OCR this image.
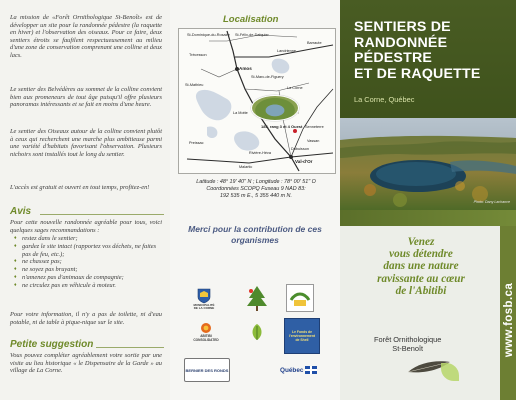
La mission de «Forêt Ornithologique St-Benoît» est de développer un site pour la randonnée pédestre (la raquette en hiver) et l'observation des oiseaux. Pour ce faire, deux sentiers étroits se faufilent respectueusement au milieu d'une zone de conservation comprenant une colline et deux lacs.

Le sentier des Belvédères au sommet de la colline convient bien aux promeneurs de tout âge puisqu'il offre plusieurs panoramas intéressants et se fait en moins d'une heure.

Le sentier des Oiseaux autour de la colline convient plutôt à ceux qui recherchent une marche plus ambitieuse parmi une variété d'habitats favorisant l'observation. Plusieurs nichoirs sont installés tout le long du sentier.

L'accès est gratuit et ouvert en tout temps, profitez-en!

Avis

Pour cette nouvelle randonnée agréable pour tous, voici quelques sages recommandations :

♦ restez dans le sentier;
♦ gardez le site intact (rapportez vos déchets, ne faites pas de feu, etc.);
♦ ne chassez pas;
♦ ne soyez pas bruyant;
♦ n'amenez pas d'animaux de compagnie;
♦ ne circulez pas en véhicule à moteur.

Pour votre information, il n'y a pas de toilette, ni d'eau potable, ni de table à pique-nique sur le site.

Petite suggestion

Vous pouvez compléter agréablement votre sortie par une visite au lieu historique « le Dispensaire de la Garde » au village de La Corne.

Localisation
Amos
La Corne
Val-d'Or
St-Mathieu
La Motte
Preissac
Malartic
Rivière-Héva
St-Dominique-du-Rosaire St-Félix-de-Dalquier
Trécesson
Barraute
Landrienne
St-Marc-de-Figuery
Senneterre
Vassan
Dubuisson
185, rang 3 et 4 Ouest

Latitude : 48° 19' 40" N ; Longitude : 78° 00' 51" O
Coordonnées SCOPQ Fuseau 9 NAD 83:
192 535 m E., 5 355 440 m N.

Merci pour la contribution de ces organismes
MUNICIPALITÉ DE LA CORNE
ABITIBI CONSOLIDATED
Le Fonds de l'environnement de Shell
BERNIER DES RONDS	Québec
SENTIERS DE
RANDONNÉE
PÉDESTRE
ET DE RAQUETTE

La Corne, Québec

Photo: Dany Lachance

Venez
vous détendre
dans une nature
ravissante au cœur
de l'Abitibi	www.fosb.ca

Forêt Ornithologique
St-Benoît
